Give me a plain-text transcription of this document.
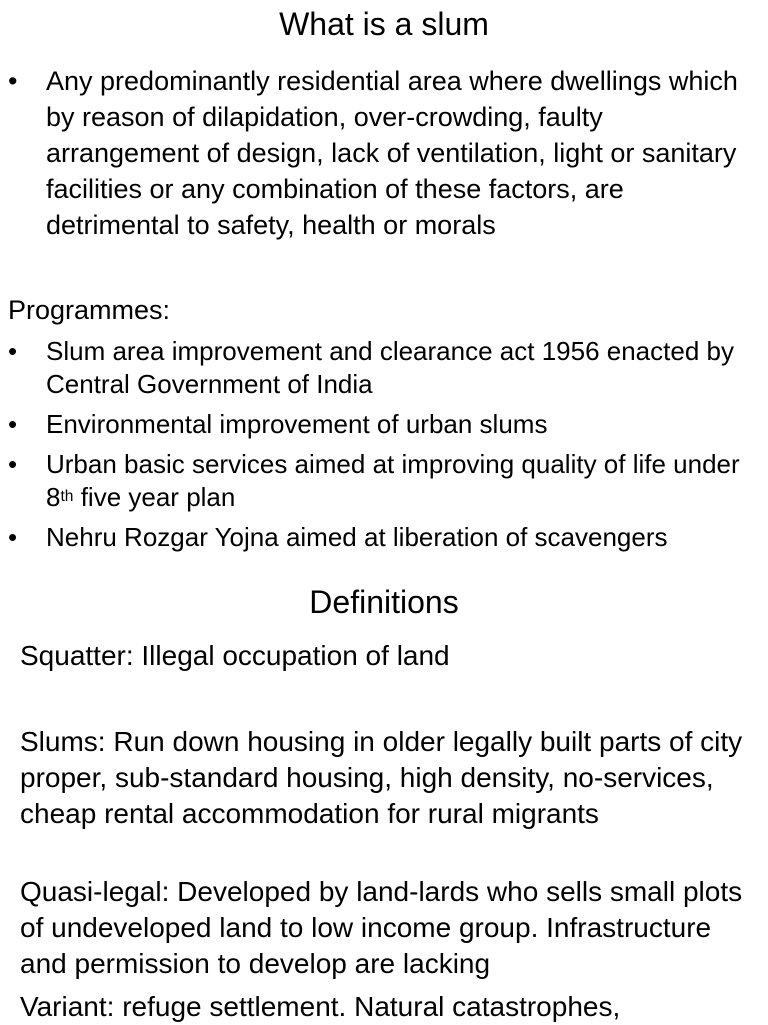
What is a slum
• Any predominantly residential area where dwellings which by reason of dilapidation, over-crowding, faulty arrangement of design, lack of ventilation, light or sanitary facilities or any combination of these factors, are detrimental to safety, health or morals

Programmes:

• Slum area improvement and clearance act 1956 enacted by Central Government of India
• Environmental improvement of urban slums
• Urban basic services aimed at improving quality of life under 8th five year plan
• Nehru Rozgar Yojna aimed at liberation of scavengers
Definitions

Squatter: Illegal occupation of land

Slums: Run down housing in older legally built parts of city proper, sub-standard housing, high density, no-services, cheap rental accommodation for rural migrants

Quasi-legal: Developed by land-lards who sells small plots of undeveloped land to low income group. Infrastructure and permission to develop are lacking

Variant: refuge settlement. Natural catastrophes,
